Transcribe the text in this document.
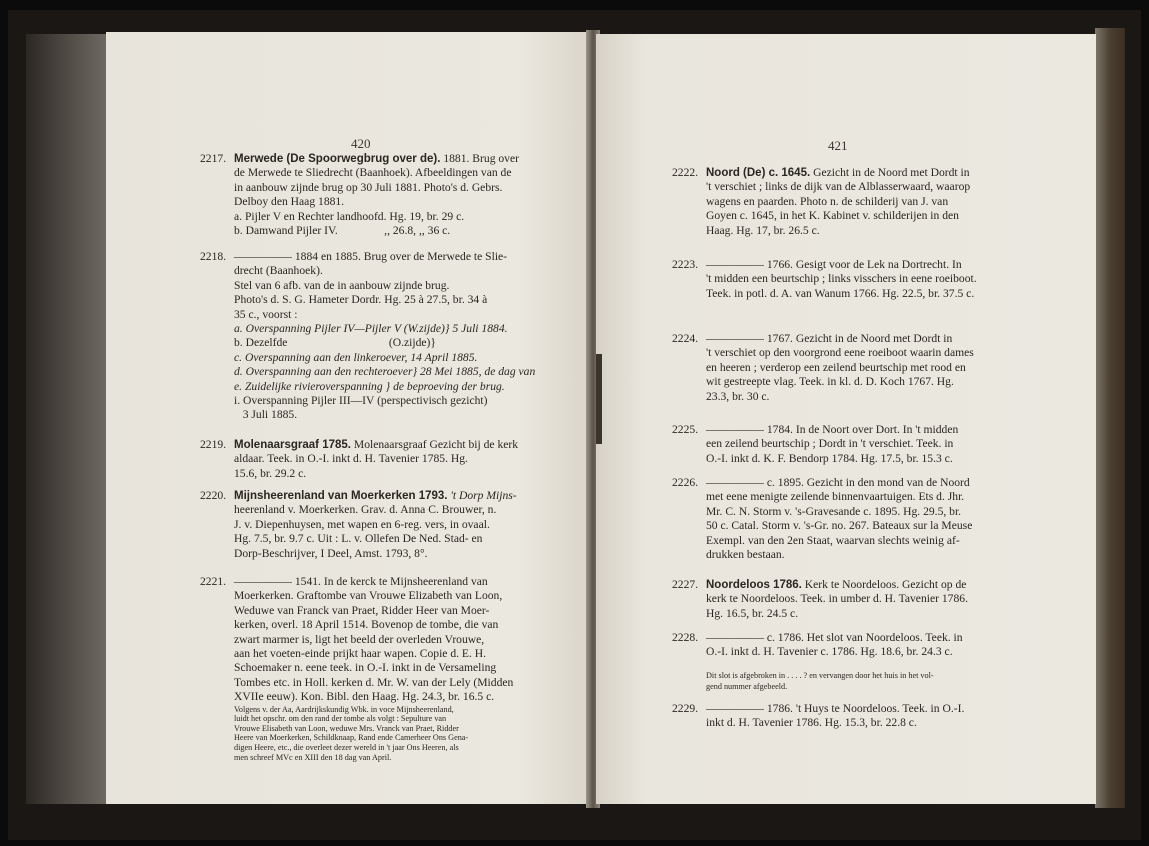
420	421
2217. Merwede (De Spoorwegbrug over de). 1881. Brug over

de Merwede te Sliedrecht (Baanhoek). Afbeeldingen van de

in aanbouw zijnde brug op 30 Juli 1881. Photo's d. Gebrs.

Delboy den Haag 1881.

a. Pijler V en Rechter landhoofd. Hg. 19, br. 29 c.

b. Damwand Pijler IV.                ,, 26.8, ,, 36 c.

2218. ————— 1884 en 1885. Brug over de Merwede te Slie-

drecht (Baanhoek).

Stel van 6 afb. van de in aanbouw zijnde brug.

Photo's d. S. G. Hameter Dordr. Hg. 25 à 27.5, br. 34 à

35 c., voorst :

a. Overspanning Pijler IV—Pijler V (W.zijde)} 5 Juli 1884.

b. Dezelfde                                   (O.zijde)}

c. Overspanning aan den linkeroever, 14 April 1885.

d. Overspanning aan den rechteroever} 28 Mei 1885, de dag van

e. Zuidelijke rivieroverspanning } de beproeving der brug.

i. Overspanning Pijler III—IV (perspectivisch gezicht)

3 Juli 1885.

2219. Molenaarsgraaf 1785. Molenaarsgraaf Gezicht bij de kerk

aldaar. Teek. in O.-I. inkt d. H. Tavenier 1785. Hg.

15.6, br. 29.2 c.

2220. Mijnsheerenland van Moerkerken 1793. 't Dorp Mijns-

heerenland v. Moerkerken. Grav. d. Anna C. Brouwer, n.

J. v. Diepenhuysen, met wapen en 6-reg. vers, in ovaal.

Hg. 7.5, br. 9.7 c. Uit : L. v. Ollefen De Ned. Stad- en

Dorp-Beschrijver, I Deel, Amst. 1793, 8°.

2221. ————— 1541. In de kerck te Mijnsheerenland van

Moerkerken. Graftombe van Vrouwe Elizabeth van Loon,

Weduwe van Franck van Praet, Ridder Heer van Moer-

kerken, overl. 18 April 1514. Bovenop de tombe, die van

zwart marmer is, ligt het beeld der overleden Vrouwe,

aan het voeten-einde prijkt haar wapen. Copie d. E. H.

Schoemaker n. eene teek. in O.-I. inkt in de Versameling

Tombes etc. in Holl. kerken d. Mr. W. van der Lely (Midden

XVIIe eeuw). Kon. Bibl. den Haag. Hg. 24.3, br. 16.5 c.

Volgens v. der Aa, Aardrijkskundig Wbk. in voce Mijnsheerenland,

luidt het opschr. om den rand der tombe als volgt : Sepulture van

Vrouwe Elisabeth van Loon, weduwe Mrs. Vranck van Praet, Ridder

Heere van Moerkerken, Schildknaap, Rand ende Camerheer Ons Gena-

digen Heere, etc., die overleet dezer wereld in 't jaar Ons Heeren, als

men schreef MVc en XIII den 18 dag van April.

2222. Noord (De) c. 1645. Gezicht in de Noord met Dordt in

't verschiet ; links de dijk van de Alblasserwaard, waarop

wagens en paarden. Photo n. de schilderij van J. van

Goyen c. 1645, in het K. Kabinet v. schilderijen in den

Haag. Hg. 17, br. 26.5 c.

2223. ————— 1766. Gesigt voor de Lek na Dortrecht. In

't midden een beurtschip ; links visschers in eene roeiboot.

Teek. in potl. d. A. van Wanum 1766. Hg. 22.5, br. 37.5 c.

2224. ————— 1767. Gezicht in de Noord met Dordt in

't verschiet op den voorgrond eene roeiboot waarin dames

en heeren ; verderop een zeilend beurtschip met rood en

wit gestreepte vlag. Teek. in kl. d. D. Koch 1767. Hg.

23.3, br. 30 c.

2225. ————— 1784. In de Noort over Dort. In 't midden

een zeilend beurtschip ; Dordt in 't verschiet. Teek. in

O.-I. inkt d. K. F. Bendorp 1784. Hg. 17.5, br. 15.3 c.

2226. ————— c. 1895. Gezicht in den mond van de Noord

met eene menigte zeilende binnenvaartuigen. Ets d. Jhr.

Mr. C. N. Storm v. 's-Gravesande c. 1895. Hg. 29.5, br.

50 c. Catal. Storm v. 's-Gr. no. 267. Bateaux sur la Meuse

Exempl. van den 2en Staat, waarvan slechts weinig af-

drukken bestaan.

2227. Noordeloos 1786. Kerk te Noordeloos. Gezicht op de

kerk te Noordeloos. Teek. in umber d. H. Tavenier 1786.

Hg. 16.5, br. 24.5 c.

2228. ————— c. 1786. Het slot van Noordeloos. Teek. in

O.-I. inkt d. H. Tavenier c. 1786. Hg. 18.6, br. 24.3 c.

Dit slot is afgebroken in . . . . ? en vervangen door het huis in het vol-

gend nummer afgebeeld.

2229. ————— 1786. 't Huys te Noordeloos. Teek. in O.-I.

inkt d. H. Tavenier 1786. Hg. 15.3, br. 22.8 c.
